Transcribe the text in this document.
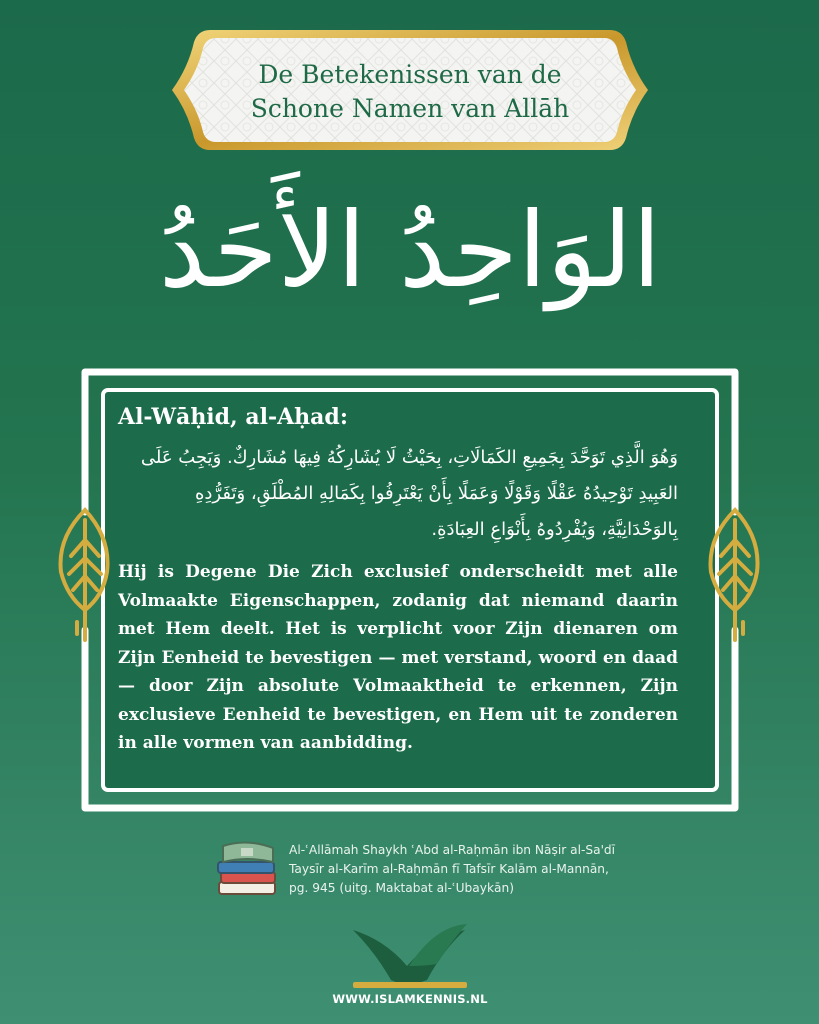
De Betekenissen van de
Schone Namen van Allāh
الوَاحِدُ الأَحَدُ
Al-Wāḥid, al-Aḥad:

وَهُوَ الَّذِي تَوَحَّدَ بِجَمِيعِ الكَمَالَاتِ، بِحَيْثُ لَا يُشَارِكُهُ فِيهَا مُشَارِكٌ. وَيَجِبُ عَلَى العَبِيدِ تَوْحِيدُهُ عَقْلًا وَقَوْلًا وَعَمَلًا بِأَنْ يَعْتَرِفُوا بِكَمَالِهِ المُطْلَقِ، وَتَفَرُّدِهِ بِالوَحْدَانِيَّةِ، وَيُفْرِدُوهُ بِأَنْوَاعِ العِبَادَةِ.

Hij is Degene Die Zich exclusief onderscheidt met alle Volmaakte Eigenschappen, zodanig dat niemand daarin met Hem deelt. Het is verplicht voor Zijn dienaren om Zijn Eenheid te bevestigen — met verstand, woord en daad — door Zijn absolute Volmaaktheid te erkennen, Zijn exclusieve Eenheid te bevestigen, en Hem uit te zonderen in alle vormen van aanbidding.

Al-ʿAllāmah Shaykh ʿAbd al-Raḥmān ibn Nāṣir al-Sa'dī
Taysīr al-Karīm al-Raḥmān fī Tafsīr Kalām al-Mannān,
pg. 945 (uitg. Maktabat al-ʿUbaykān)
WWW.ISLAMKENNIS.NL
